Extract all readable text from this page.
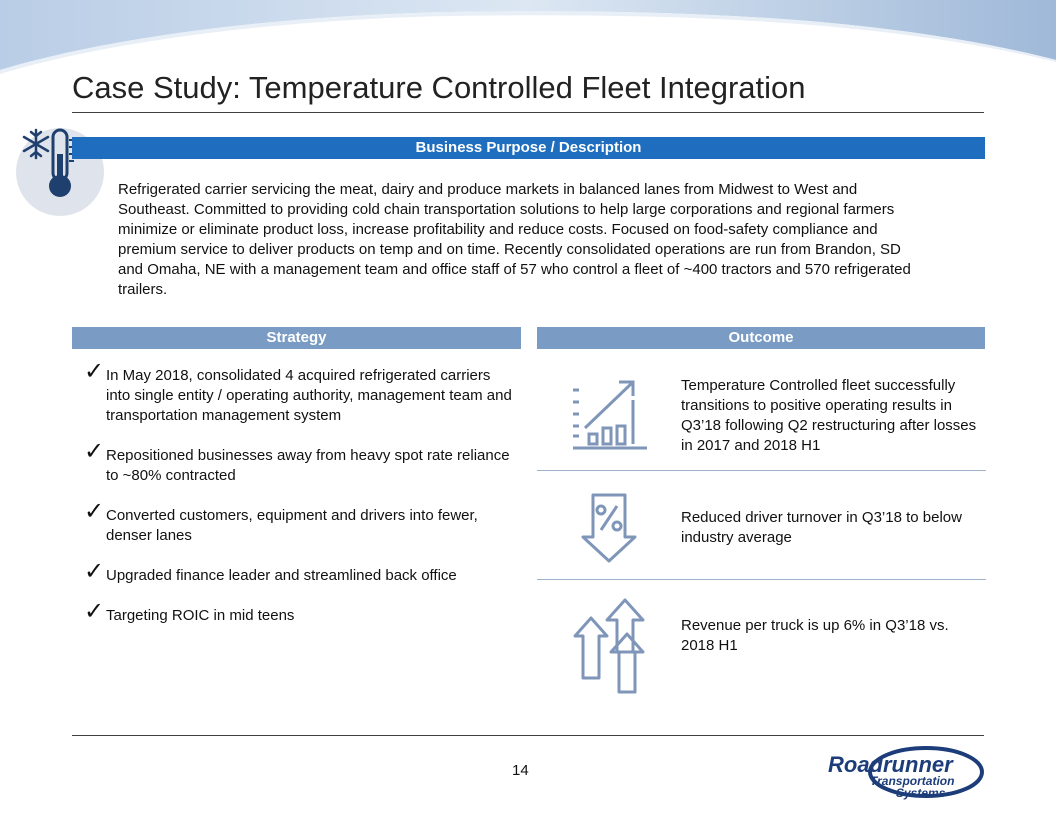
Case Study: Temperature Controlled Fleet Integration
Business Purpose / Description

Refrigerated carrier servicing the meat, dairy and produce markets in balanced lanes from Midwest to West and Southeast. Committed to providing cold chain transportation solutions to help large corporations and regional farmers minimize or eliminate product loss, increase profitability and reduce costs. Focused on food-safety compliance and premium service to deliver products on temp and on time. Recently consolidated operations are run from Brandon, SD and Omaha, NE with a management team and office staff of 57 who control a fleet of ~400 tractors and 570 refrigerated trailers.

Strategy	Outcome
✓ In May 2018, consolidated 4 acquired refrigerated carriers into single entity / operating authority, management team and transportation management system
✓ Repositioned businesses away from heavy spot rate reliance to ~80% contracted
✓ Converted customers, equipment and drivers into fewer, denser lanes
✓ Upgraded finance leader and streamlined back office
✓ Targeting ROIC in mid teens

Temperature Controlled fleet successfully transitions to positive operating results in Q3’18 following Q2 restructuring after losses in 2017 and 2018 H1

Reduced driver turnover in Q3’18 to below industry average

Revenue per truck is up 6% in Q3’18 vs. 2018 H1

14	Roadrunner
Transportation
Systems
